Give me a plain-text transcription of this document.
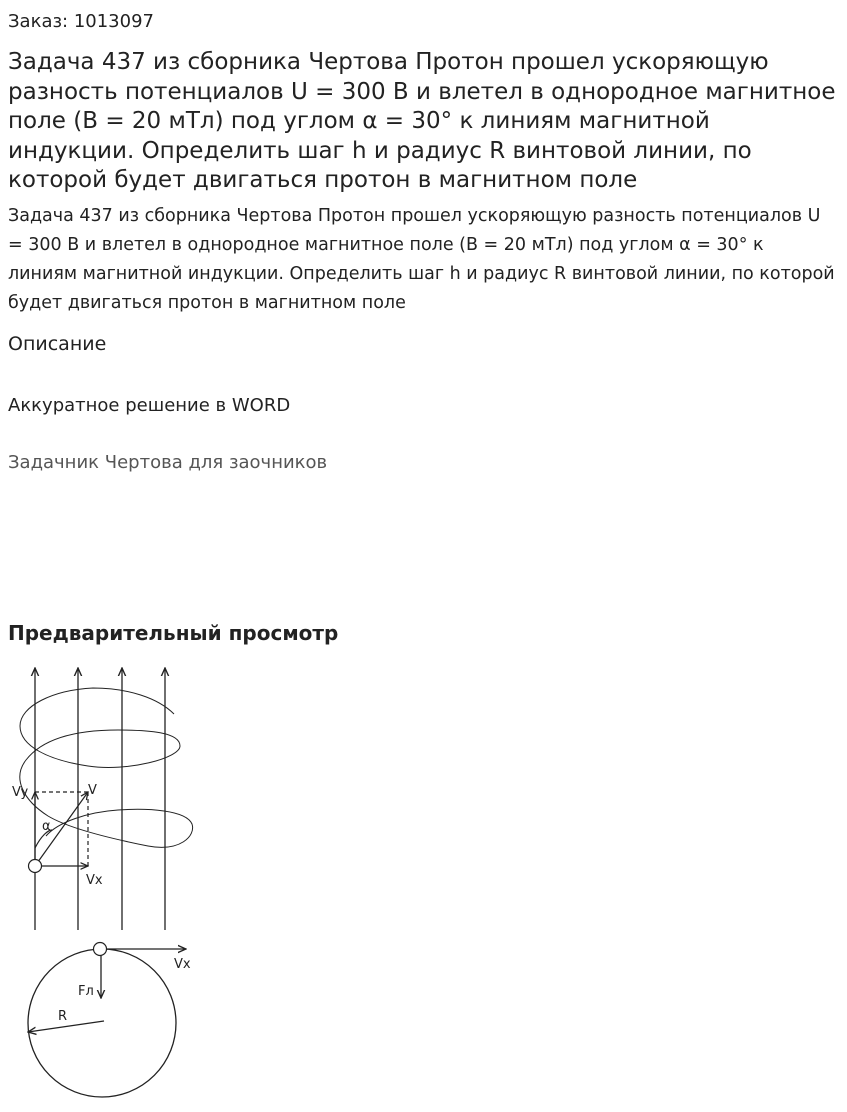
Заказ: 1013097
Задача 437 из сборника Чертова Протон прошел ускоряющую разность потенциалов U = 300 В и влетел в однородное магнитное поле (В = 20 мТл) под углом α = 30° к линиям магнитной индукции. Определить шаг h и радиус R винтовой линии, по которой будет двигаться протон в магнитном поле

Задача 437 из сборника Чертова Протон прошел ускоряющую разность потенциалов U = 300 В и влетел в однородное магнитное поле (В = 20 мТл) под углом α = 30° к линиям магнитной индукции. Определить шаг h и радиус R винтовой линии, по которой будет двигаться протон в магнитном поле

Описание
Аккуратное решение в WORD
Задачник Чертова для заочников
Предварительный просмотр
Vy	V
α
Vx
Vx
Fл
R
